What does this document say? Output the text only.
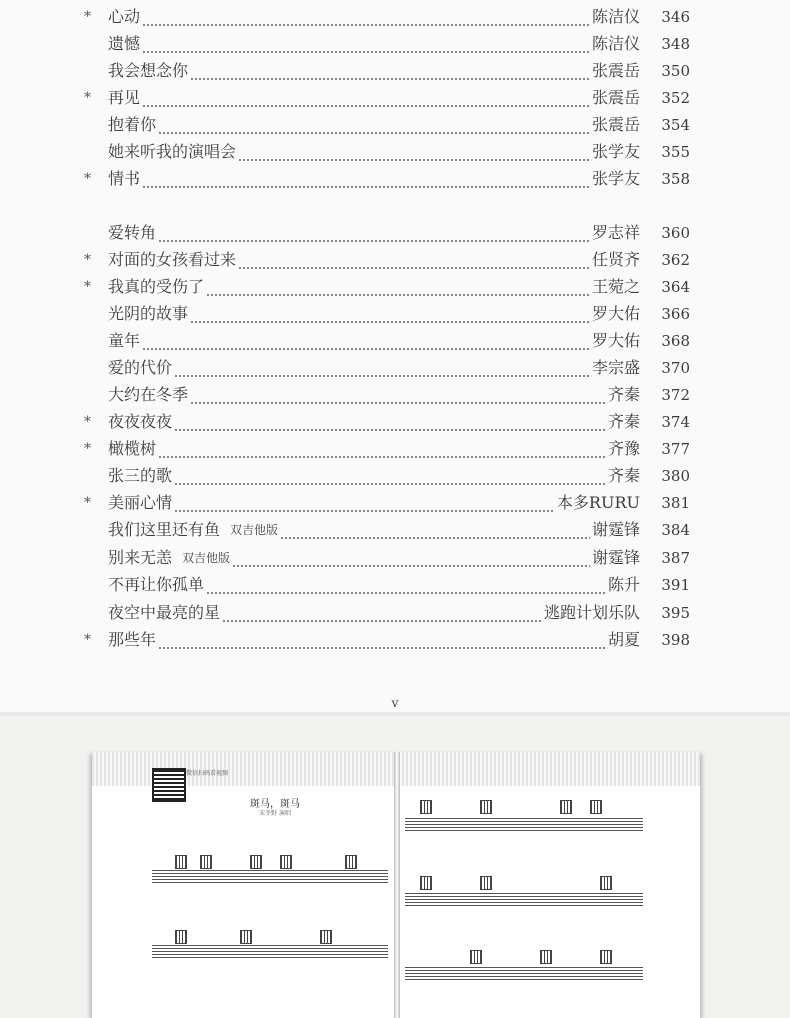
*	心动	陈洁仪	346
遗憾	陈洁仪	348
我会想念你	张震岳	350
*	再见	张震岳	352
抱着你	张震岳	354
她来听我的演唱会	张学友	355
*	情书	张学友	358
爱转角	罗志祥	360
*	对面的女孩看过来	任贤齐	362
*	我真的受伤了	王菀之	364
光阴的故事	罗大佑	366
童年	罗大佑	368
爱的代价	李宗盛	370
大约在冬季	齐秦	372
*	夜夜夜夜	齐秦	374
*	橄榄树	齐豫	377
张三的歌	齐秦	380
*	美丽心情	本多RURU	381
我们这里还有鱼 双吉他版	谢霆锋	384
别来无恙 双吉他版	谢霆锋	387
不再让你孤单	陈升	391
夜空中最亮的星	逃跑计划乐队	395
*	那些年	胡夏	398
v
微信扫码看视频
斑马，斑马
宋冬野 演唱
